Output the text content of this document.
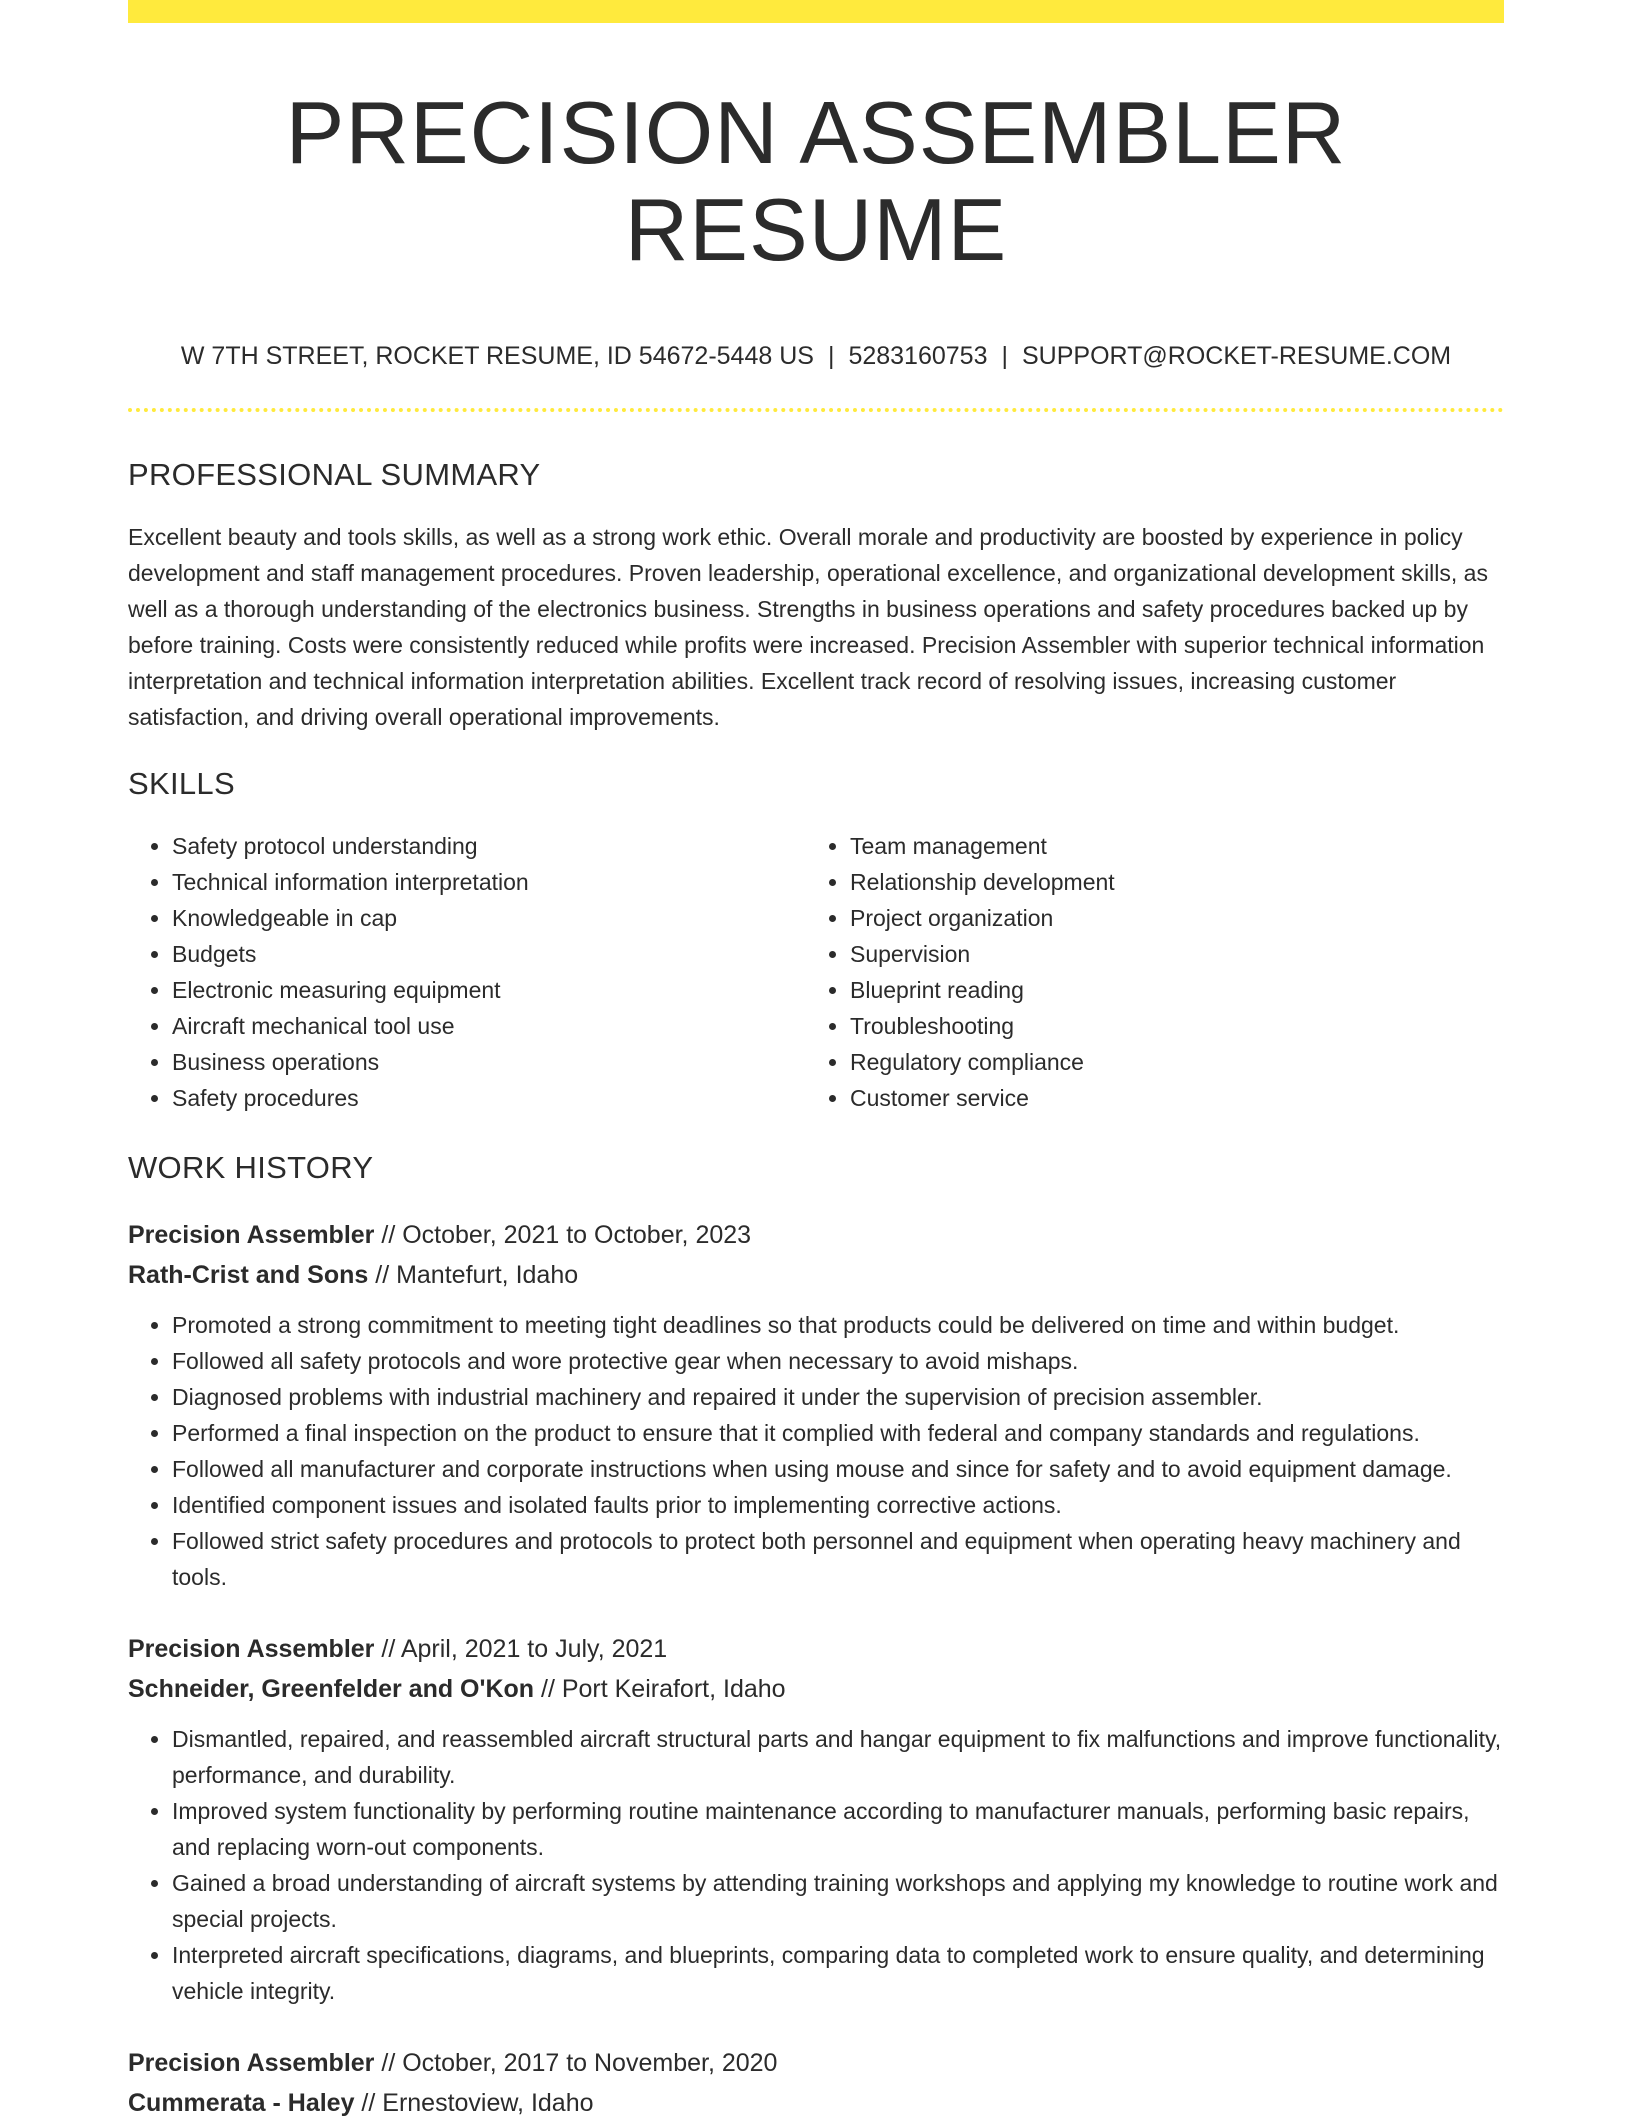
PRECISION ASSEMBLER RESUME
W 7TH STREET, ROCKET RESUME, ID 54672-5448 US | 5283160753 | SUPPORT@ROCKET-RESUME.COM
PROFESSIONAL SUMMARY
Excellent beauty and tools skills, as well as a strong work ethic. Overall morale and productivity are boosted by experience in policy development and staff management procedures. Proven leadership, operational excellence, and organizational development skills, as well as a thorough understanding of the electronics business. Strengths in business operations and safety procedures backed up by before training. Costs were consistently reduced while profits were increased. Precision Assembler with superior technical information interpretation and technical information interpretation abilities. Excellent track record of resolving issues, increasing customer satisfaction, and driving overall operational improvements.
SKILLS
• Safety protocol understanding
• Technical information interpretation
• Knowledgeable in cap
• Budgets
• Electronic measuring equipment
• Aircraft mechanical tool use
• Business operations
• Safety procedures
• Team management
• Relationship development
• Project organization
• Supervision
• Blueprint reading
• Troubleshooting
• Regulatory compliance
• Customer service
WORK HISTORY
Precision Assembler // October, 2021 to October, 2023
Rath-Crist and Sons // Mantefurt, Idaho
• Promoted a strong commitment to meeting tight deadlines so that products could be delivered on time and within budget.
• Followed all safety protocols and wore protective gear when necessary to avoid mishaps.
• Diagnosed problems with industrial machinery and repaired it under the supervision of precision assembler.
• Performed a final inspection on the product to ensure that it complied with federal and company standards and regulations.
• Followed all manufacturer and corporate instructions when using mouse and since for safety and to avoid equipment damage.
• Identified component issues and isolated faults prior to implementing corrective actions.
• Followed strict safety procedures and protocols to protect both personnel and equipment when operating heavy machinery and tools.
Precision Assembler // April, 2021 to July, 2021
Schneider, Greenfelder and O'Kon // Port Keirafort, Idaho
• Dismantled, repaired, and reassembled aircraft structural parts and hangar equipment to fix malfunctions and improve functionality, performance, and durability.
• Improved system functionality by performing routine maintenance according to manufacturer manuals, performing basic repairs, and replacing worn-out components.
• Gained a broad understanding of aircraft systems by attending training workshops and applying my knowledge to routine work and special projects.
• Interpreted aircraft specifications, diagrams, and blueprints, comparing data to completed work to ensure quality, and determining vehicle integrity.
Precision Assembler // October, 2017 to November, 2020
Cummerata - Haley // Ernestoview, Idaho
